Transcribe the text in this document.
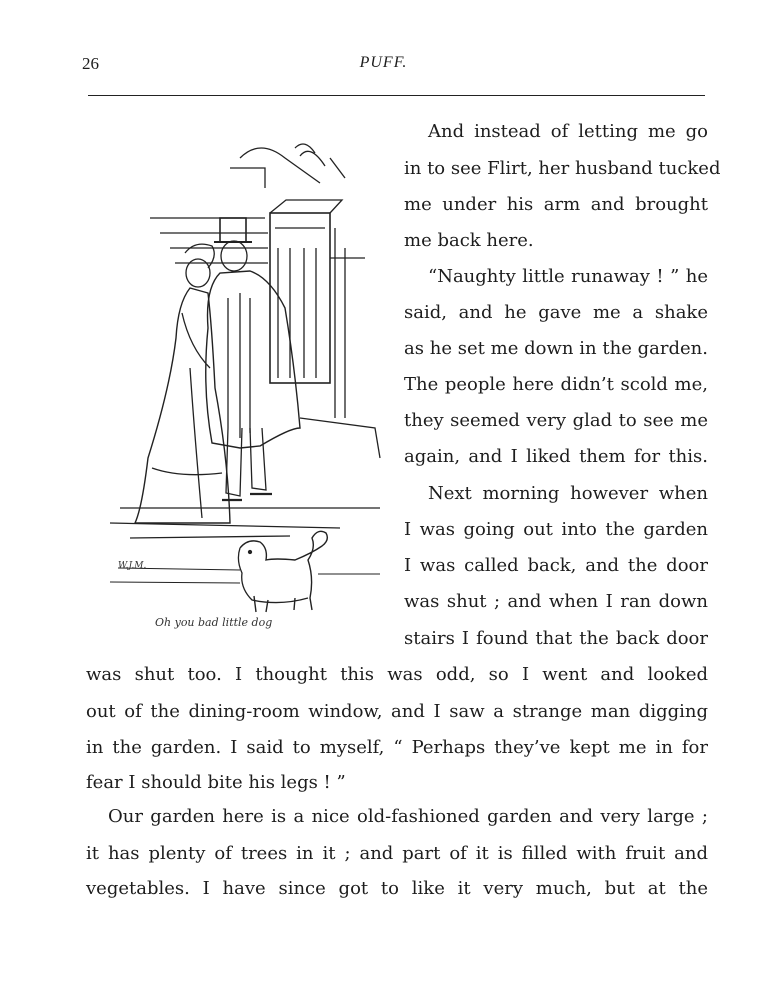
26	PUFF.
W.J.M.
Oh you bad little dog
And instead of letting me go
in to see Flirt, her husband tucked
me under his arm and brought
me back here.
“Naughty little runaway ! ” he
said, and he gave me a shake
as he set me down in the garden.
The people here didn’t scold me,
they seemed very glad to see me
again, and I liked them for this.
Next morning however when
I was going out into the garden
I was called back, and the door
was shut ; and when I ran down
stairs I found that the back door
was shut too. I thought this was odd, so I went and looked
out of the dining-room window, and I saw a strange man digging
in the garden. I said to myself, “ Perhaps they’ve kept me in for
fear I should bite his legs ! ”
Our garden here is a nice old-fashioned garden and very large ;
it has plenty of trees in it ; and part of it is filled with fruit and
vegetables. I have since got to like it very much, but at the
